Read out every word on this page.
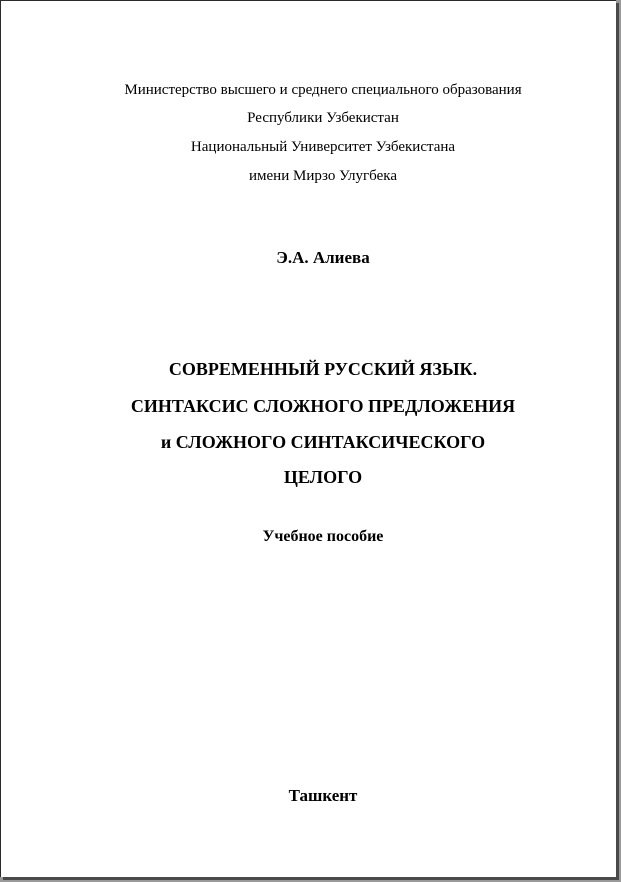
Министерство высшего и среднего специального образования
Республики Узбекистан
Национальный Университет Узбекистана
имени Мирзо Улугбека
Э.А. Алиева
СОВРЕМЕННЫЙ РУССКИЙ ЯЗЫК.
СИНТАКСИС СЛОЖНОГО ПРЕДЛОЖЕНИЯ
и СЛОЖНОГО СИНТАКСИЧЕСКОГО
ЦЕЛОГО
Учебное пособие
Ташкент
